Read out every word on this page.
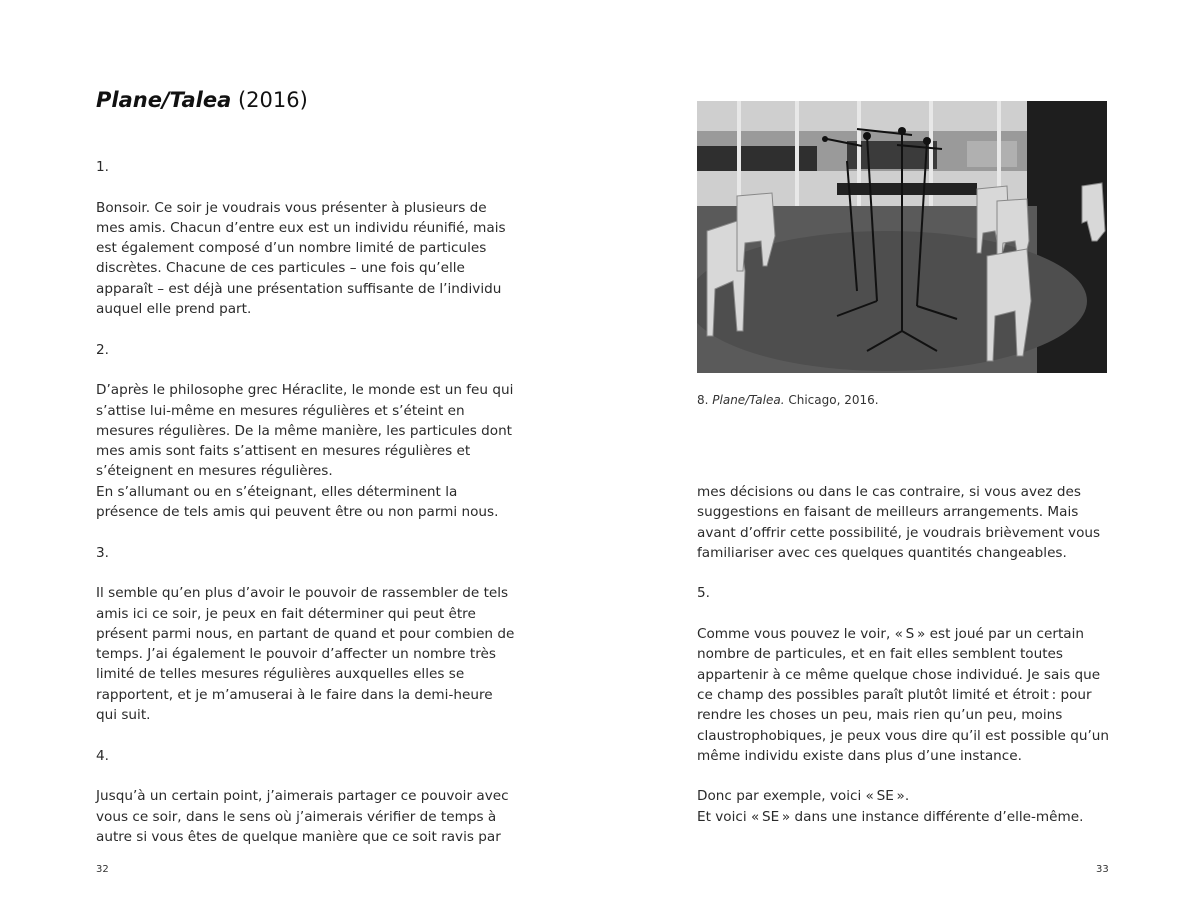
Plane/Talea (2016)

1.

Bonsoir. Ce soir je voudrais vous présenter à plusieurs de mes amis. Chacun d’entre eux est un individu réunifié, mais est également composé d’un nombre limité de particules discrètes. Chacune de ces particules – une fois qu’elle apparaît – est déjà une présentation suffisante de l’individu auquel elle prend part.

2.

D’après le philosophe grec Héraclite, le monde est un feu qui s’attise lui-même en mesures régulières et s’éteint en mesures régulières. De la même manière, les particules dont mes amis sont faits s’attisent en mesures régulières et s’éteignent en mesures régulières.
En s’allumant ou en s’éteignant, elles déterminent la présence de tels amis qui peuvent être ou non parmi nous.

3.

Il semble qu’en plus d’avoir le pouvoir de rassembler de tels amis ici ce soir, je peux en fait déterminer qui peut être présent parmi nous, en partant de quand et pour combien de temps. J’ai également le pouvoir d’affecter un nombre très limité de telles mesures régulières auxquelles elles se rapportent, et je m’amuserai à le faire dans la demi-heure qui suit.

4.

Jusqu’à un certain point, j’aimerais partager ce pouvoir avec vous ce soir, dans le sens où j’aimerais vérifier de temps à autre si vous êtes de quelque manière que ce soit ravis par

32

8. Plane/Talea. Chicago, 2016.

mes décisions ou dans le cas contraire, si vous avez des suggestions en faisant de meilleurs arrangements. Mais avant d’offrir cette possibilité, je voudrais brièvement vous familiariser avec ces quelques quantités changeables.

5.

Comme vous pouvez le voir, « S » est joué par un certain nombre de particules, et en fait elles semblent toutes appartenir à ce même quelque chose individué. Je sais que ce champ des possibles paraît plutôt limité et étroit : pour rendre les choses un peu, mais rien qu’un peu, moins claustrophobiques, je peux vous dire qu’il est possible qu’un même individu existe dans plus d’une instance.

Donc par exemple, voici « SE ».
Et voici « SE » dans une instance différente d’elle-même.

33
